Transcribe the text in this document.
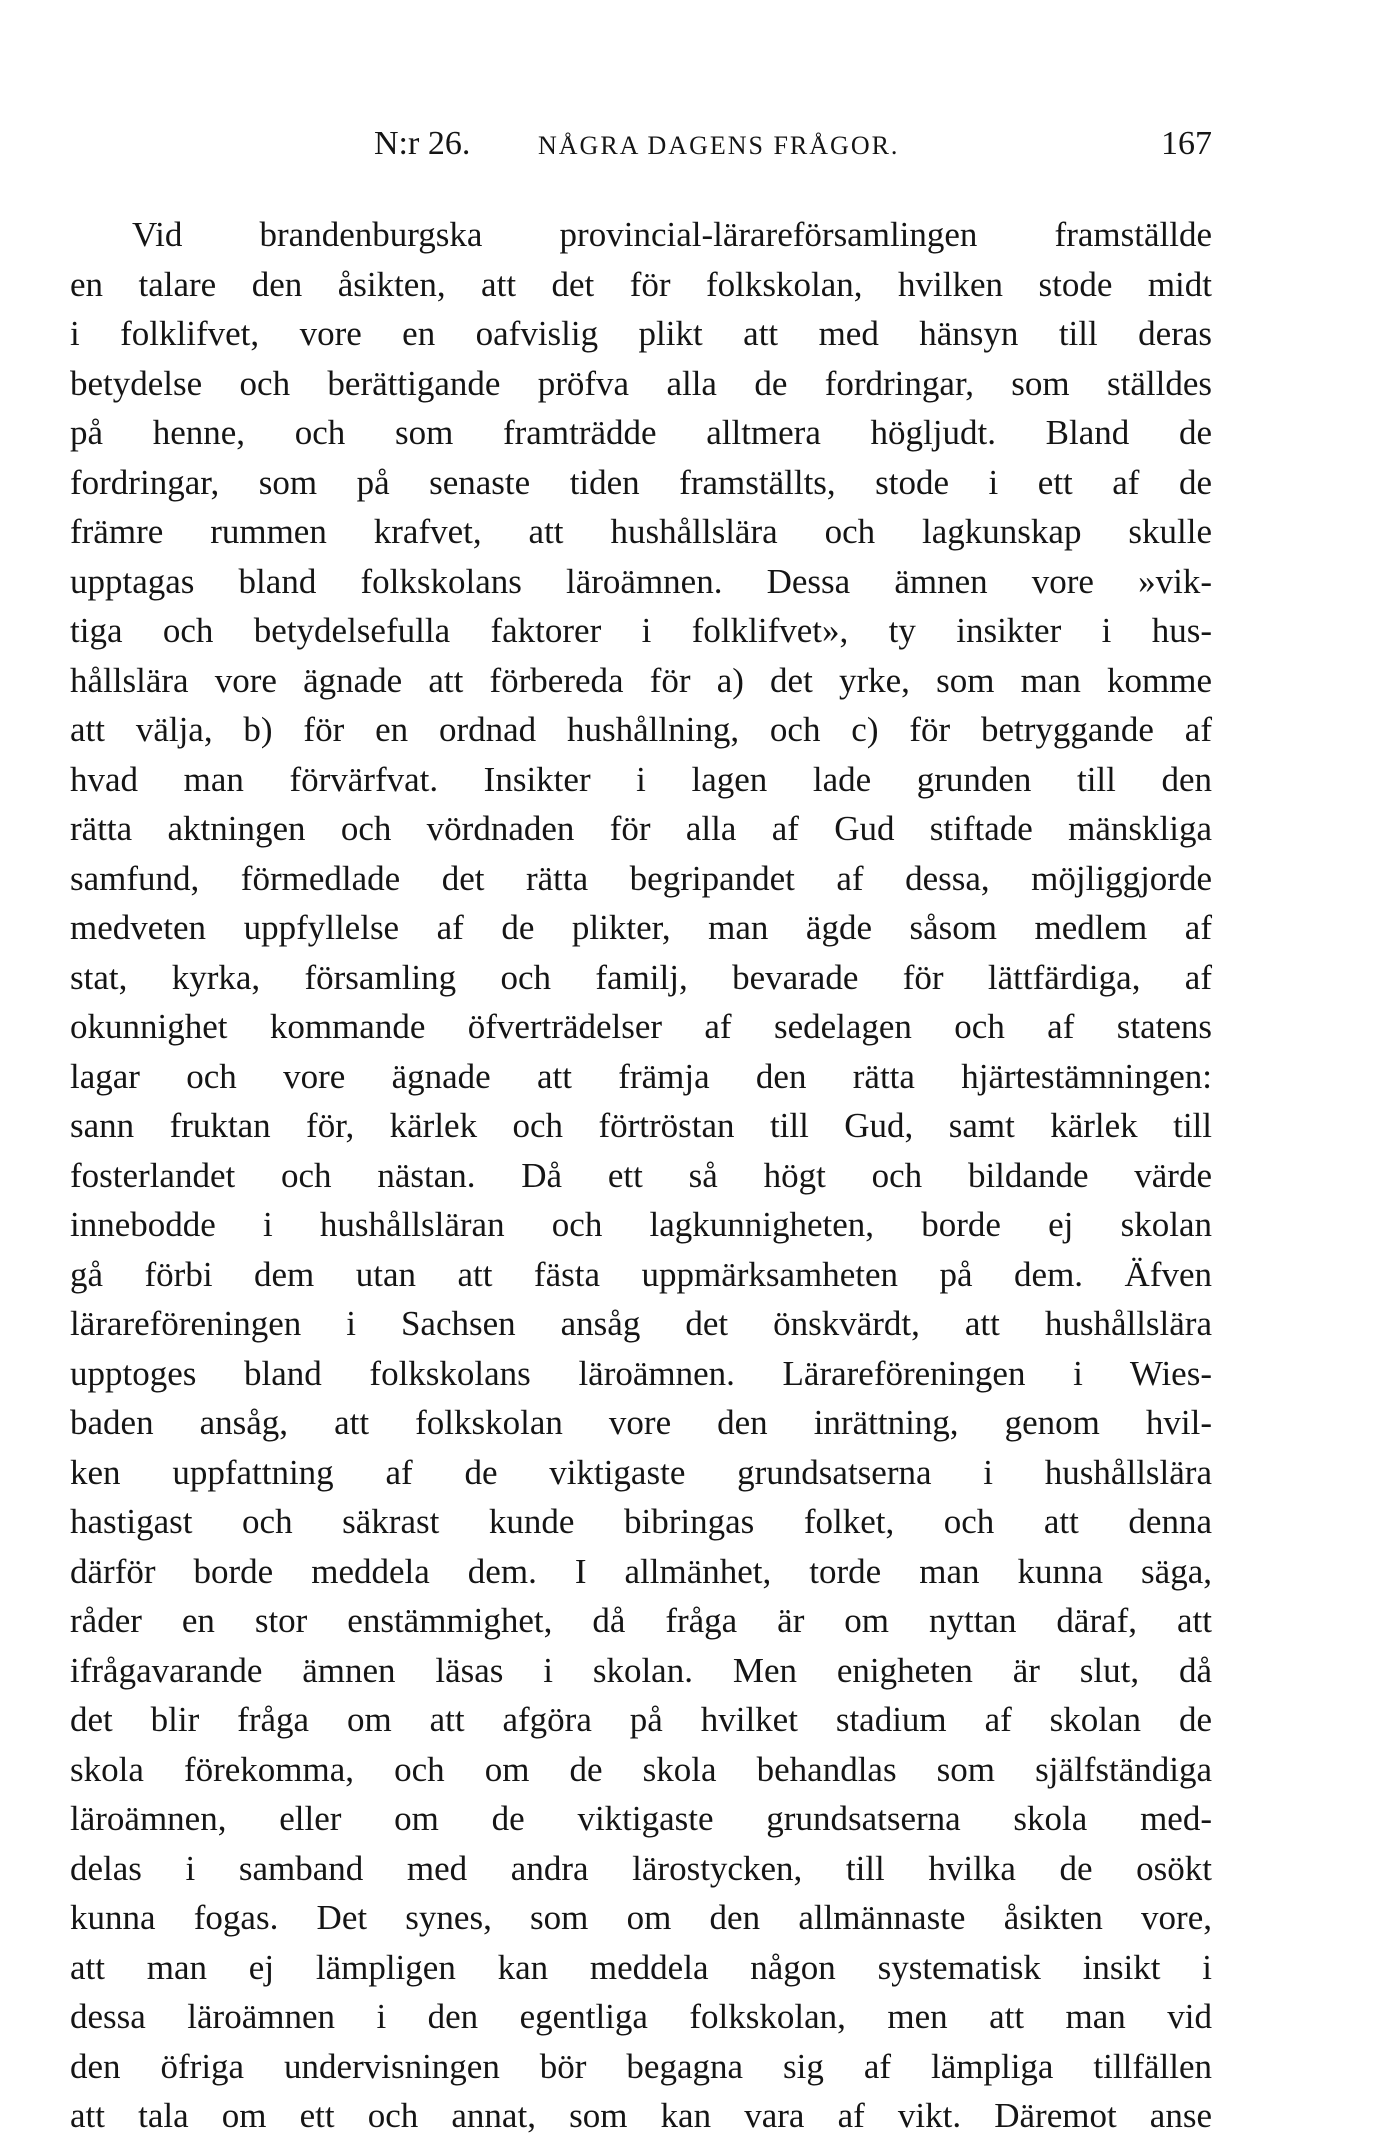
N:r 26.	NÅGRA DAGENS FRÅGOR.	167
Vid brandenburgska provincial-lärareförsamlingen framställde
en talare den åsikten, att det för folkskolan, hvilken stode midt
i folklifvet, vore en oafvislig plikt att med hänsyn till deras
betydelse och berättigande pröfva alla de fordringar, som ställdes
på henne, och som framträdde alltmera högljudt. Bland de
fordringar, som på senaste tiden framställts, stode i ett af de
främre rummen krafvet, att hushållslära och lagkunskap skulle
upptagas bland folkskolans läroämnen. Dessa ämnen vore »vik-
tiga och betydelsefulla faktorer i folklifvet», ty insikter i hus-
hållslära vore ägnade att förbereda för a) det yrke, som man komme
att välja, b) för en ordnad hushållning, och c) för betryggande af
hvad man förvärfvat. Insikter i lagen lade grunden till den
rätta aktningen och vördnaden för alla af Gud stiftade mänskliga
samfund, förmedlade det rätta begripandet af dessa, möjliggjorde
medveten uppfyllelse af de plikter, man ägde såsom medlem af
stat, kyrka, församling och familj, bevarade för lättfärdiga, af
okunnighet kommande öfverträdelser af sedelagen och af statens
lagar och vore ägnade att främja den rätta hjärtestämningen:
sann fruktan för, kärlek och förtröstan till Gud, samt kärlek till
fosterlandet och nästan. Då ett så högt och bildande värde
innebodde i hushållsläran och lagkunnigheten, borde ej skolan
gå förbi dem utan att fästa uppmärksamheten på dem. Äfven
lärareföreningen i Sachsen ansåg det önskvärdt, att hushållslära
upptoges bland folkskolans läroämnen. Lärareföreningen i Wies-
baden ansåg, att folkskolan vore den inrättning, genom hvil-
ken uppfattning af de viktigaste grundsatserna i hushållslära
hastigast och säkrast kunde bibringas folket, och att denna
därför borde meddela dem. I allmänhet, torde man kunna säga,
råder en stor enstämmighet, då fråga är om nyttan däraf, att
ifrågavarande ämnen läsas i skolan. Men enigheten är slut, då
det blir fråga om att afgöra på hvilket stadium af skolan de
skola förekomma, och om de skola behandlas som själfständiga
läroämnen, eller om de viktigaste grundsatserna skola med-
delas i samband med andra lärostycken, till hvilka de osökt
kunna fogas. Det synes, som om den allmännaste åsikten vore,
att man ej lämpligen kan meddela någon systematisk insikt i
dessa läroämnen i den egentliga folkskolan, men att man vid
den öfriga undervisningen bör begagna sig af lämpliga tillfällen
att tala om ett och annat, som kan vara af vikt. Däremot anse
